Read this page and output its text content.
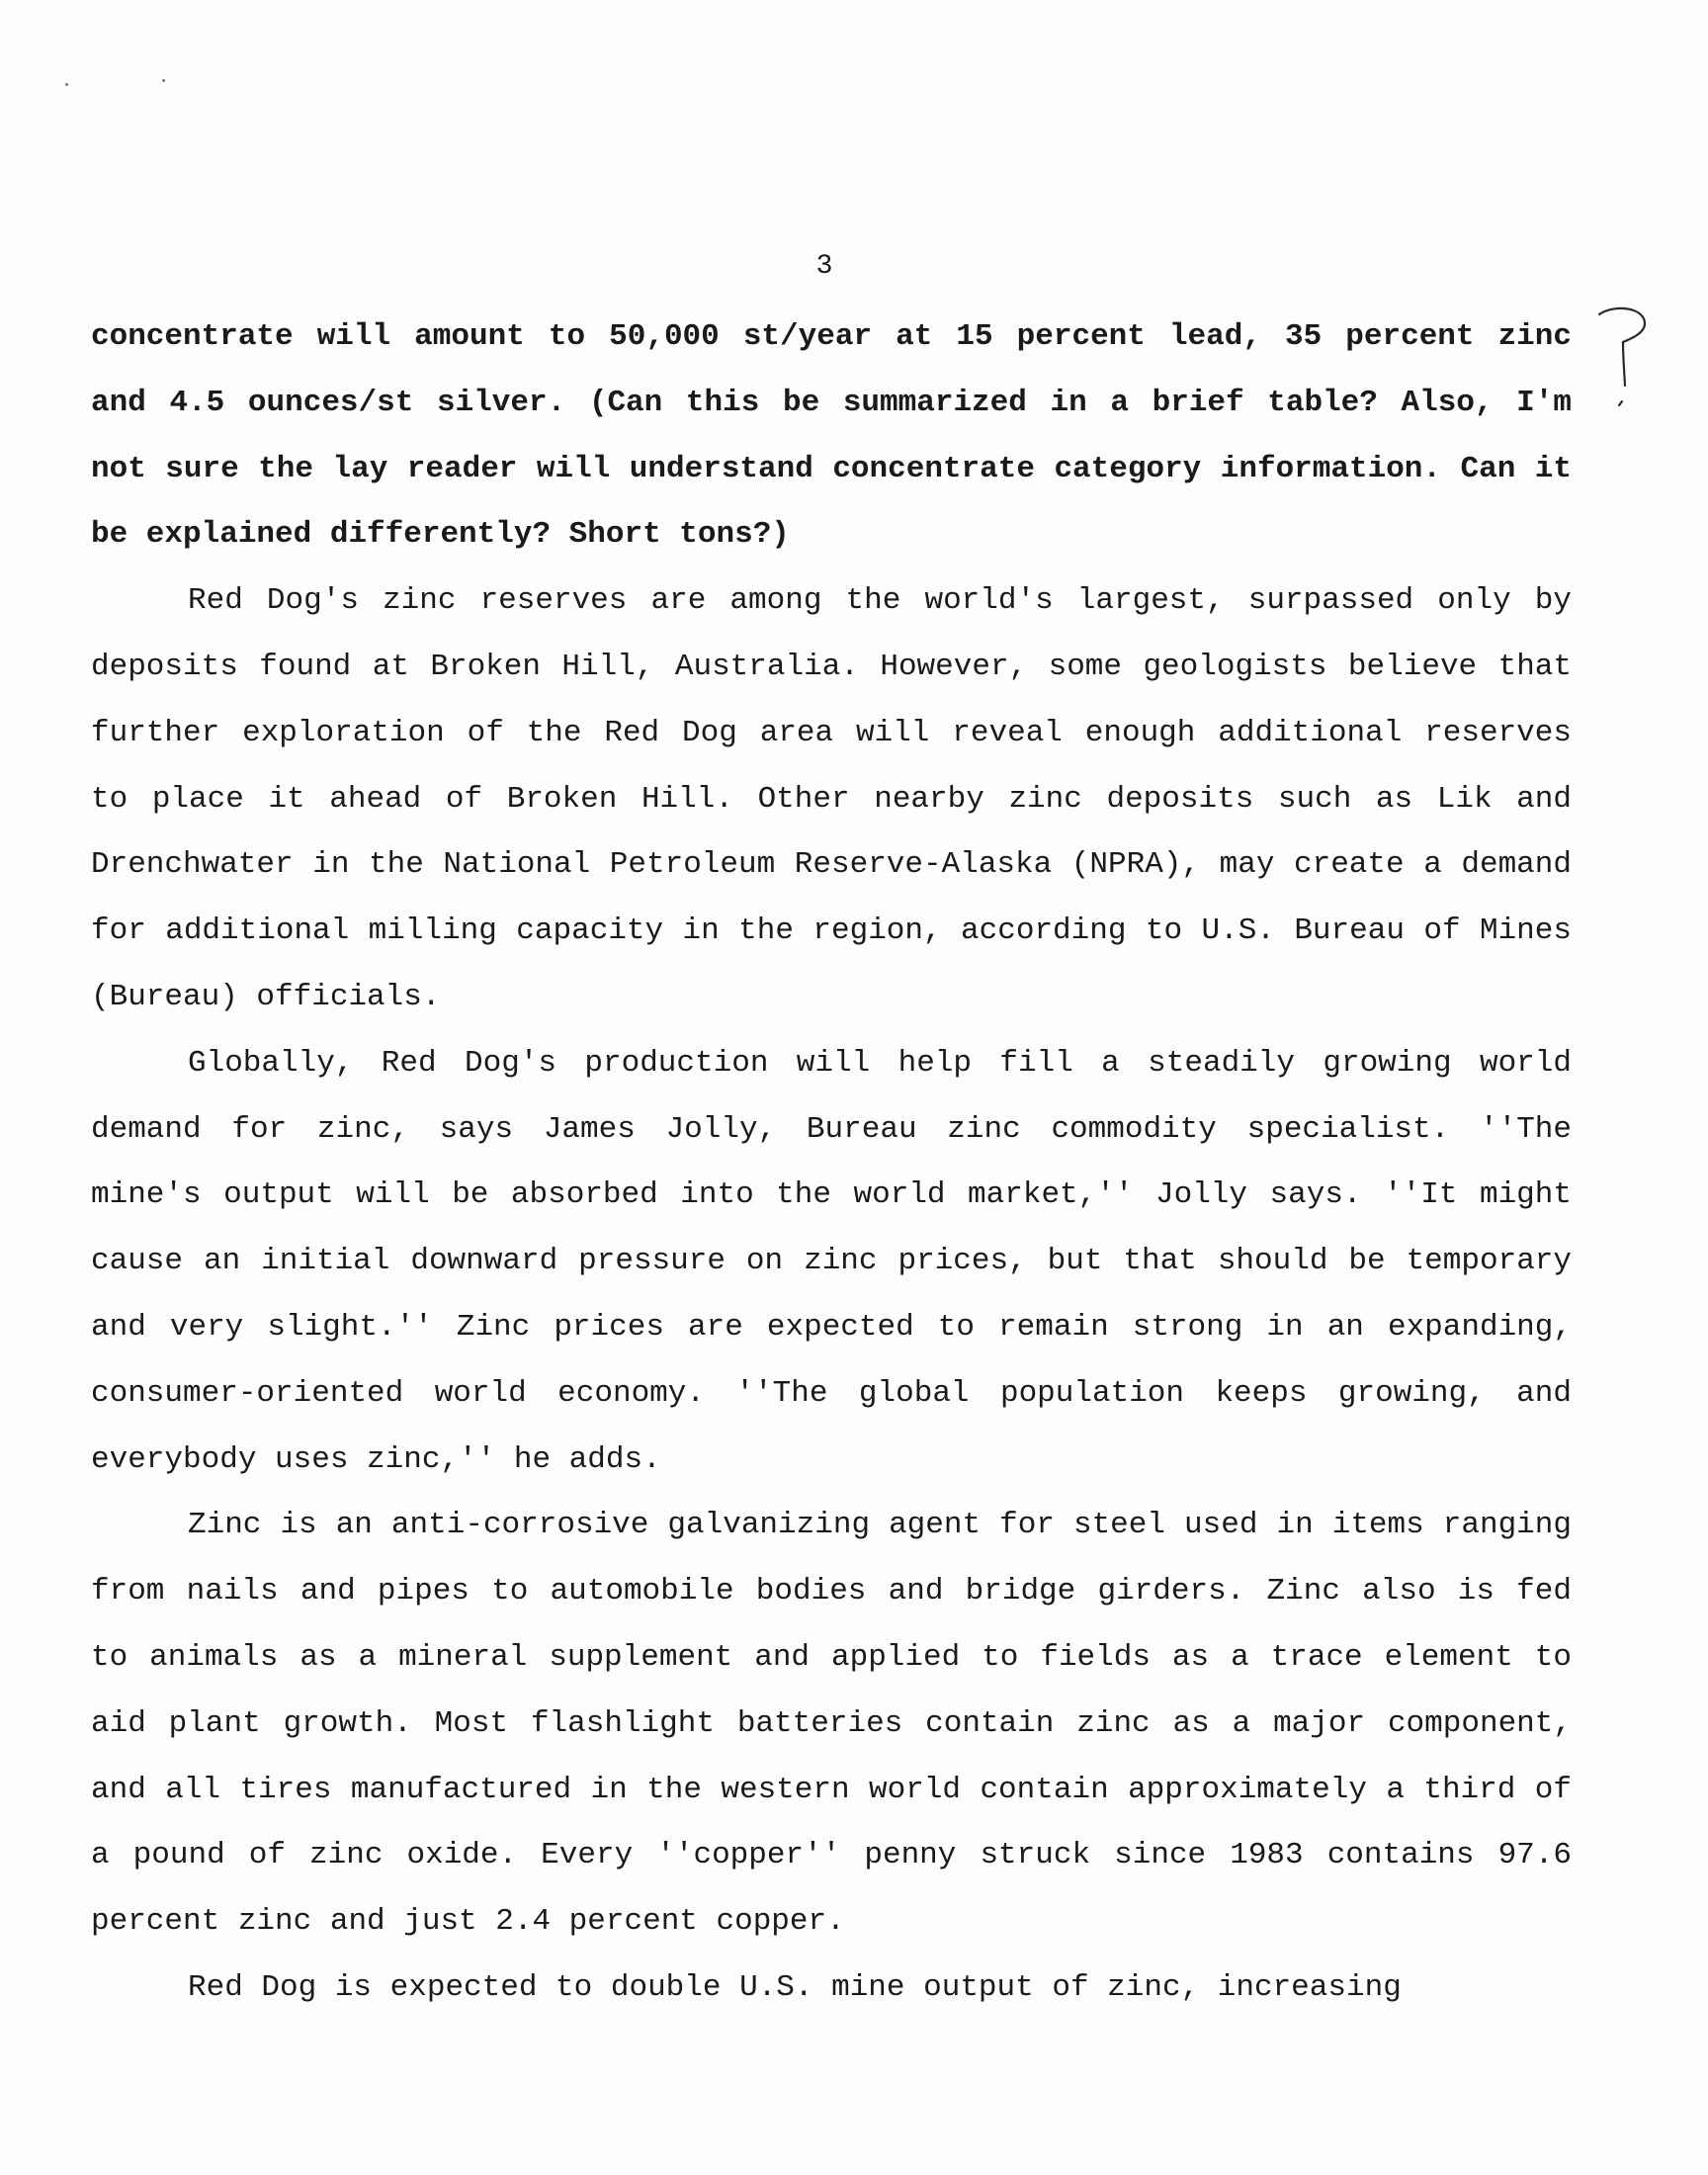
3

concentrate will amount to 50,000 st/year at 15 percent lead, 35 percent zinc and 4.5 ounces/st silver. (Can this be summarized in a brief table? Also, I'm not sure the lay reader will understand concentrate category information. Can it be explained differently? Short tons?)

Red Dog's zinc reserves are among the world's largest, surpassed only by deposits found at Broken Hill, Australia. However, some geologists believe that further exploration of the Red Dog area will reveal enough additional reserves to place it ahead of Broken Hill. Other nearby zinc deposits such as Lik and Drenchwater in the National Petroleum Reserve-Alaska (NPRA), may create a demand for additional milling capacity in the region, according to U.S. Bureau of Mines (Bureau) officials.

Globally, Red Dog's production will help fill a steadily growing world demand for zinc, says James Jolly, Bureau zinc commodity specialist. ''The mine's output will be absorbed into the world market,'' Jolly says. ''It might cause an initial downward pressure on zinc prices, but that should be temporary and very slight.'' Zinc prices are expected to remain strong in an expanding, consumer-oriented world economy. ''The global population keeps growing, and everybody uses zinc,'' he adds.

Zinc is an anti-corrosive galvanizing agent for steel used in items ranging from nails and pipes to automobile bodies and bridge girders. Zinc also is fed to animals as a mineral supplement and applied to fields as a trace element to aid plant growth. Most flashlight batteries contain zinc as a major component, and all tires manufactured in the western world contain approximately a third of a pound of zinc oxide. Every ''copper'' penny struck since 1983 contains 97.6 percent zinc and just 2.4 percent copper.

Red Dog is expected to double U.S. mine output of zinc, increasing
